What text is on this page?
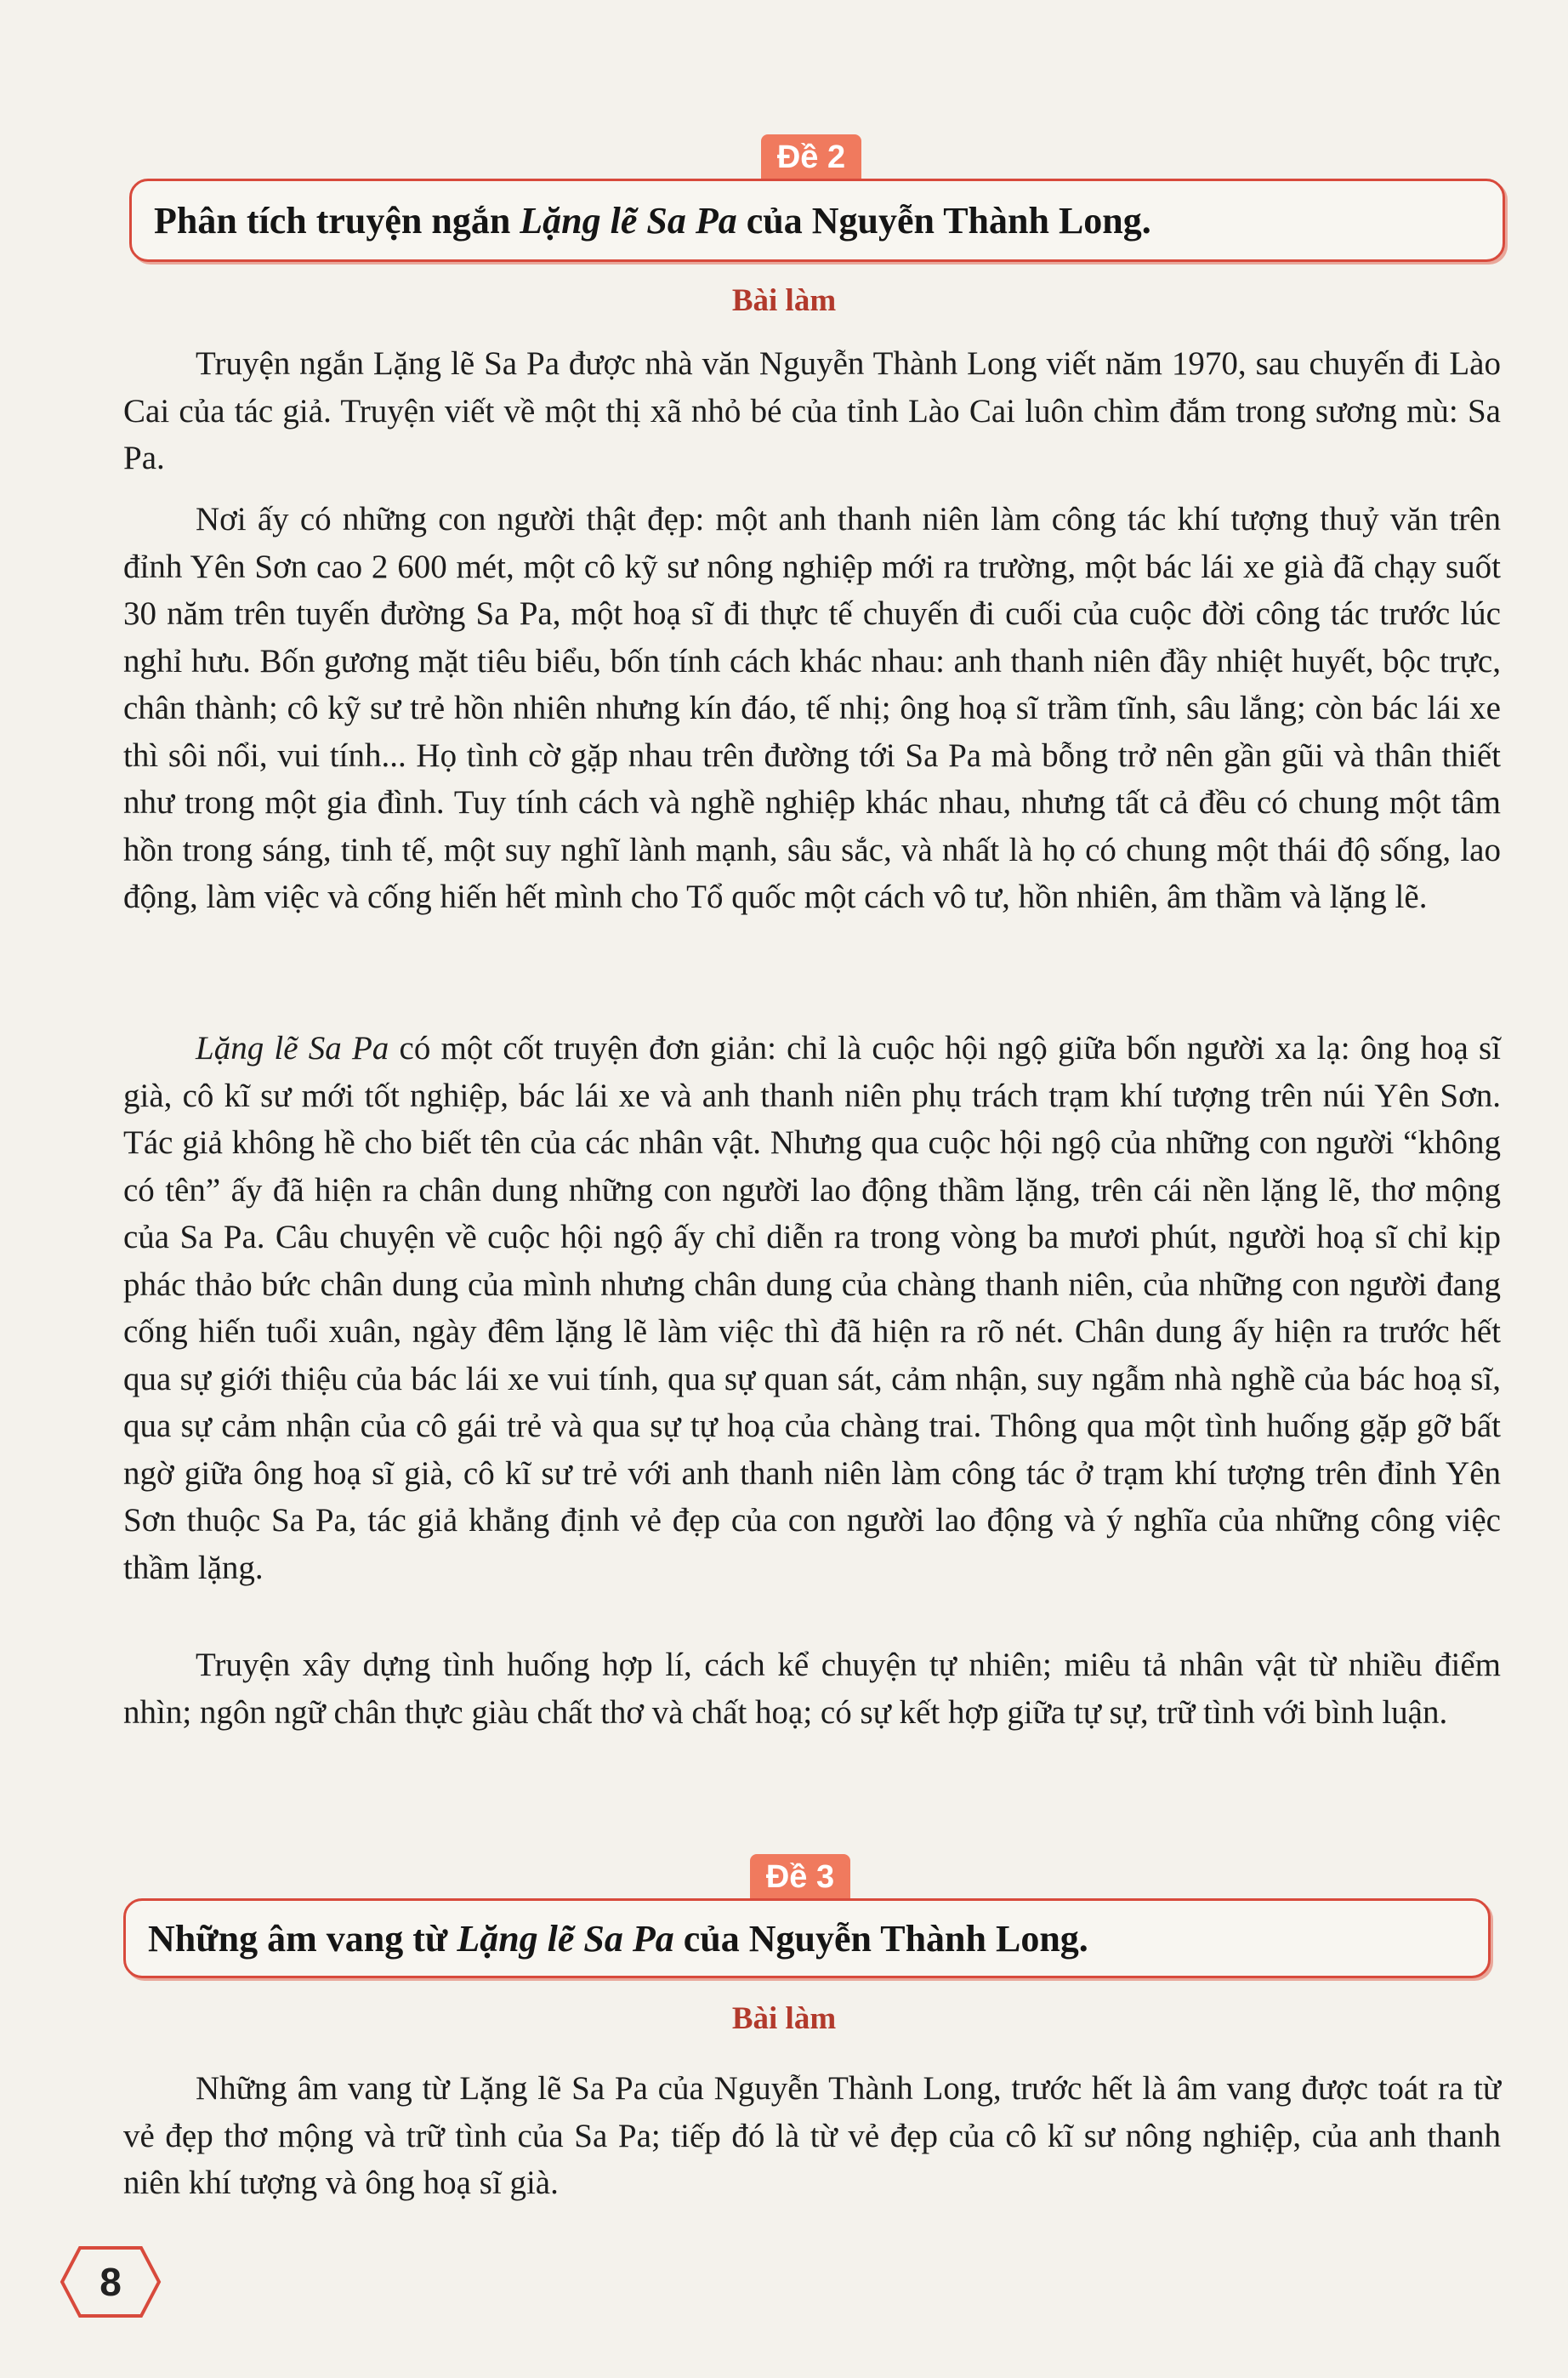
Đề 2
Phân tích truyện ngắn
Lặng lẽ Sa Pa
của Nguyễn Thành Long.
Bài làm
Truyện ngắn Lặng lẽ Sa Pa được nhà văn Nguyễn Thành Long viết năm 1970, sau chuyến đi Lào Cai của tác giả. Truyện viết về một thị xã nhỏ bé của tỉnh Lào Cai luôn chìm đắm trong sương mù: Sa Pa.
Nơi ấy có những con người thật đẹp: một anh thanh niên làm công tác khí tượng thuỷ văn trên đỉnh Yên Sơn cao 2 600 mét, một cô kỹ sư nông nghiệp mới ra trường, một bác lái xe già đã chạy suốt 30 năm trên tuyến đường Sa Pa, một hoạ sĩ đi thực tế chuyến đi cuối của cuộc đời công tác trước lúc nghỉ hưu. Bốn gương mặt tiêu biểu, bốn tính cách khác nhau: anh thanh niên đầy nhiệt huyết, bộc trực, chân thành; cô kỹ sư trẻ hồn nhiên nhưng kín đáo, tế nhị; ông hoạ sĩ trầm tĩnh, sâu lắng; còn bác lái xe thì sôi nổi, vui tính... Họ tình cờ gặp nhau trên đường tới Sa Pa mà bỗng trở nên gần gũi và thân thiết như trong một gia đình. Tuy tính cách và nghề nghiệp khác nhau, nhưng tất cả đều có chung một tâm hồn trong sáng, tinh tế, một suy nghĩ lành mạnh, sâu sắc, và nhất là họ có chung một thái độ sống, lao động, làm việc và cống hiến hết mình cho Tổ quốc một cách vô tư, hồn nhiên, âm thầm và lặng lẽ.
Lặng lẽ Sa Pa có một cốt truyện đơn giản: chỉ là cuộc hội ngộ giữa bốn người xa lạ: ông hoạ sĩ già, cô kĩ sư mới tốt nghiệp, bác lái xe và anh thanh niên phụ trách trạm khí tượng trên núi Yên Sơn. Tác giả không hề cho biết tên của các nhân vật. Nhưng qua cuộc hội ngộ của những con người “không có tên” ấy đã hiện ra chân dung những con người lao động thầm lặng, trên cái nền lặng lẽ, thơ mộng của Sa Pa. Câu chuyện về cuộc hội ngộ ấy chỉ diễn ra trong vòng ba mươi phút, người hoạ sĩ chỉ kịp phác thảo bức chân dung của mình nhưng chân dung của chàng thanh niên, của những con người đang cống hiến tuổi xuân, ngày đêm lặng lẽ làm việc thì đã hiện ra rõ nét. Chân dung ấy hiện ra trước hết qua sự giới thiệu của bác lái xe vui tính, qua sự quan sát, cảm nhận, suy ngẫm nhà nghề của bác hoạ sĩ, qua sự cảm nhận của cô gái trẻ và qua sự tự hoạ của chàng trai. Thông qua một tình huống gặp gỡ bất ngờ giữa ông hoạ sĩ già, cô kĩ sư trẻ với anh thanh niên làm công tác ở trạm khí tượng trên đỉnh Yên Sơn thuộc Sa Pa, tác giả khẳng định vẻ đẹp của con người lao động và ý nghĩa của những công việc thầm lặng.
Truyện xây dựng tình huống hợp lí, cách kể chuyện tự nhiên; miêu tả nhân vật từ nhiều điểm nhìn; ngôn ngữ chân thực giàu chất thơ và chất hoạ; có sự kết hợp giữa tự sự, trữ tình với bình luận.
Đề 3
Những âm vang từ
Lặng lẽ Sa Pa
của Nguyễn Thành Long.
Bài làm
Những âm vang từ Lặng lẽ Sa Pa của Nguyễn Thành Long, trước hết là âm vang được toát ra từ vẻ đẹp thơ mộng và trữ tình của Sa Pa; tiếp đó là từ vẻ đẹp của cô kĩ sư nông nghiệp, của anh thanh niên khí tượng và ông hoạ sĩ già.
8
